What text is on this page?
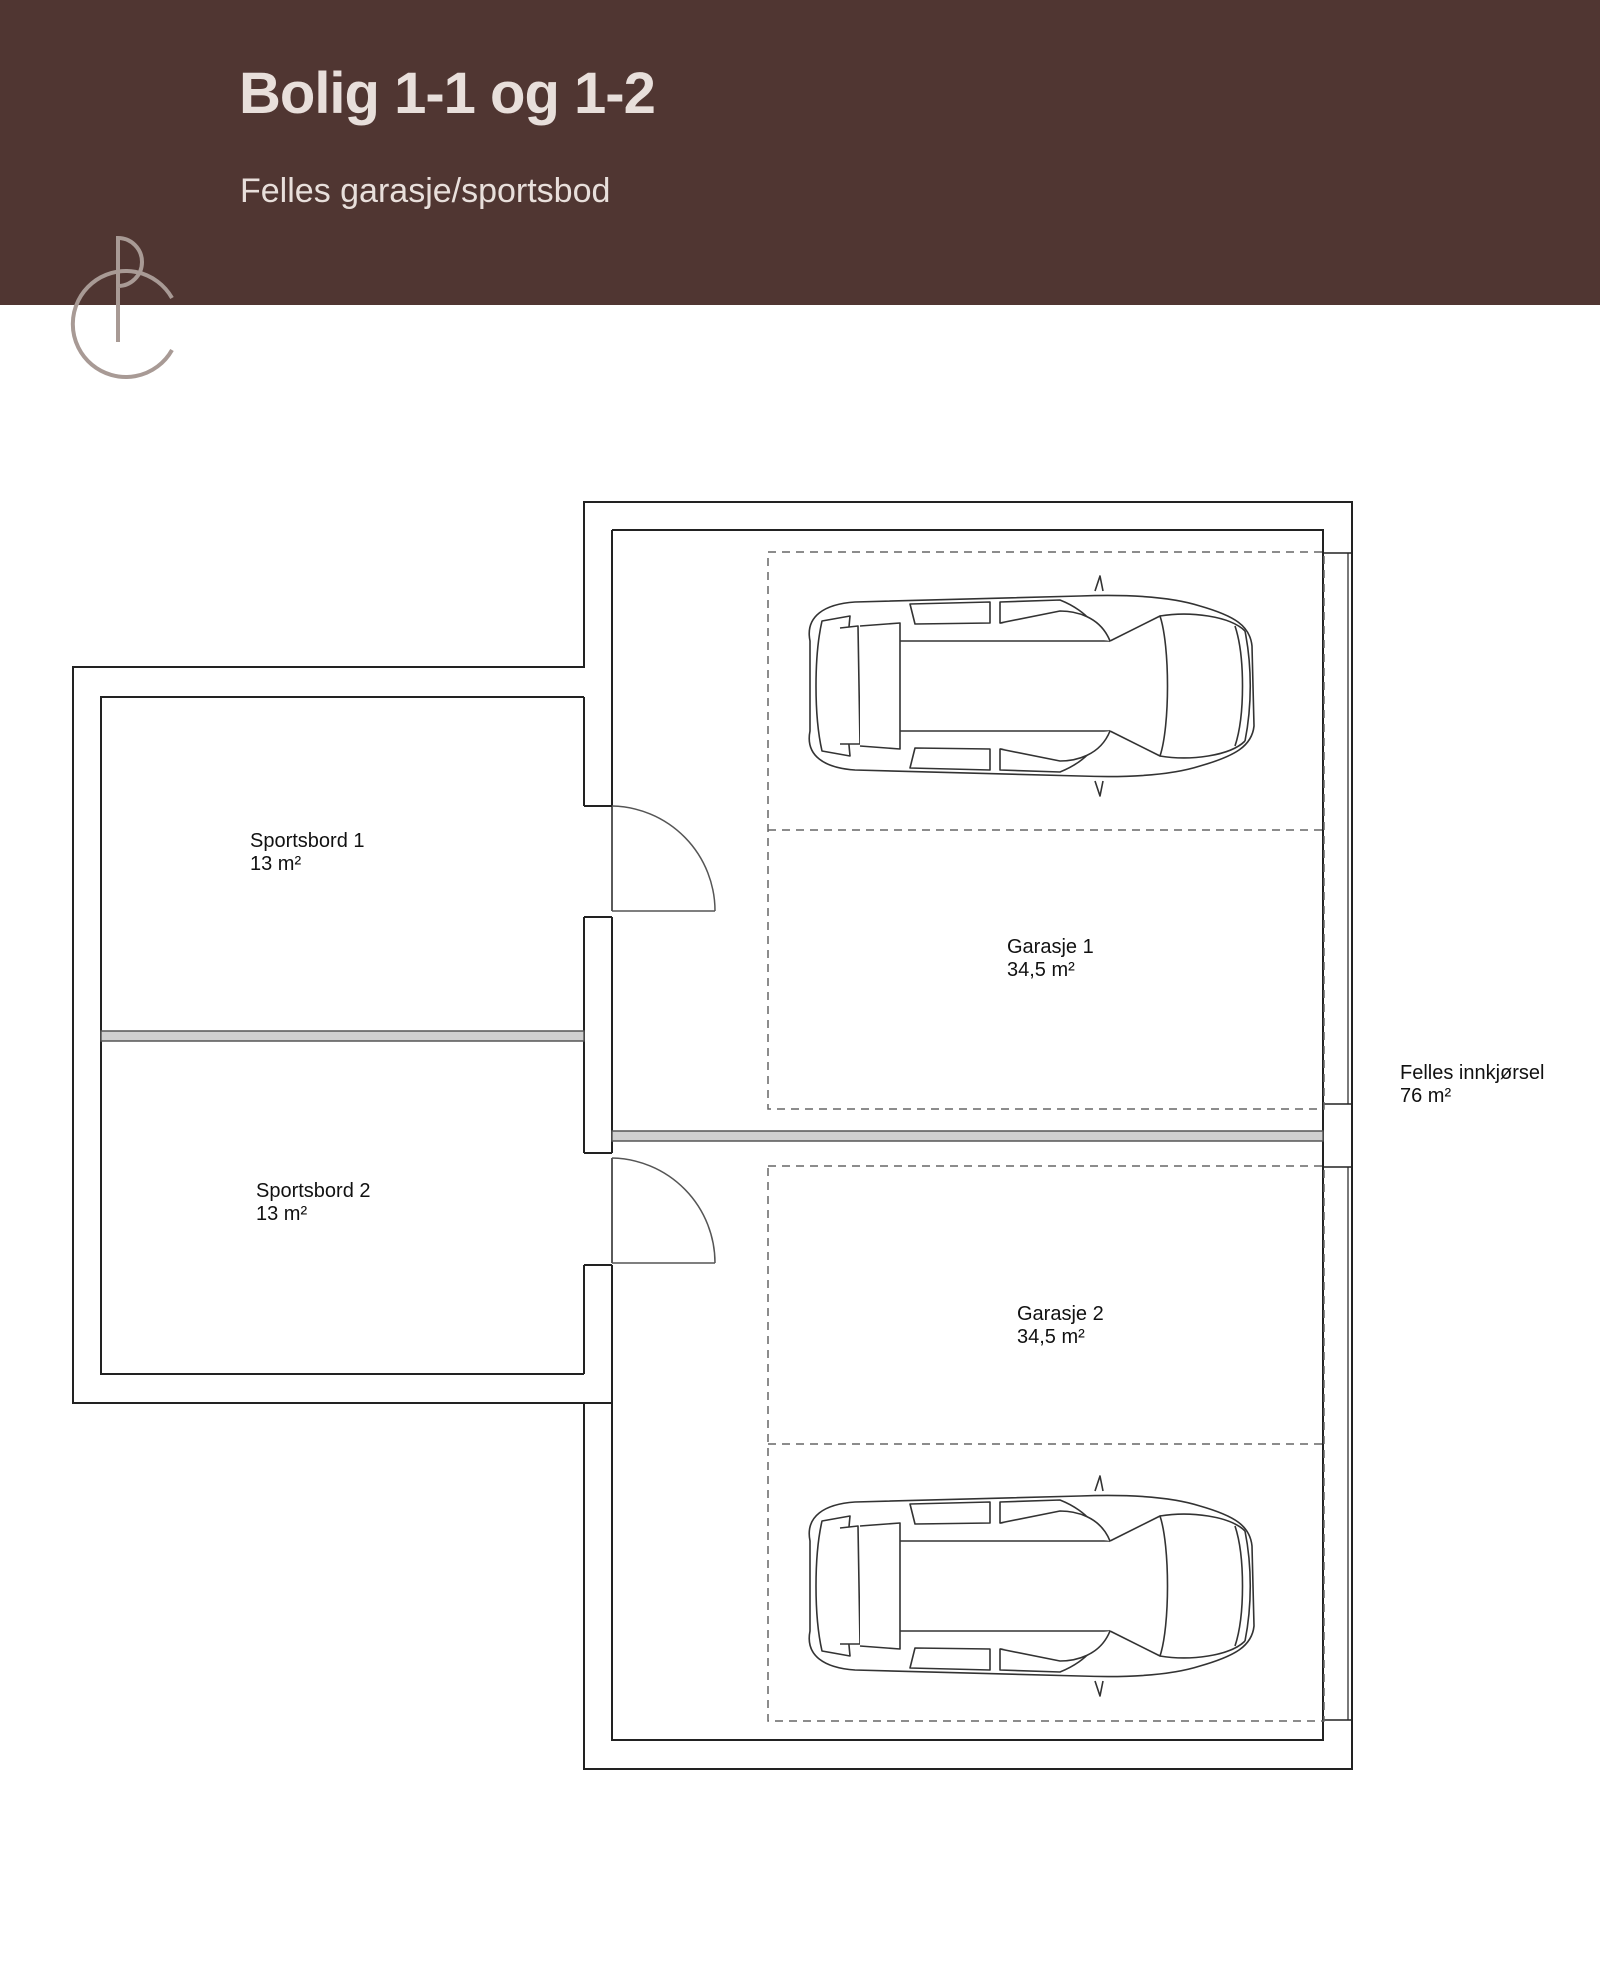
Bolig 1-1 og 1-2
Felles garasje/sportsbod
Sportsbord 1
13 m²
Sportsbord 2
13 m²
Garasje 1
34,5 m²
Garasje 2
34,5 m²
Felles innkjørsel
76 m²
